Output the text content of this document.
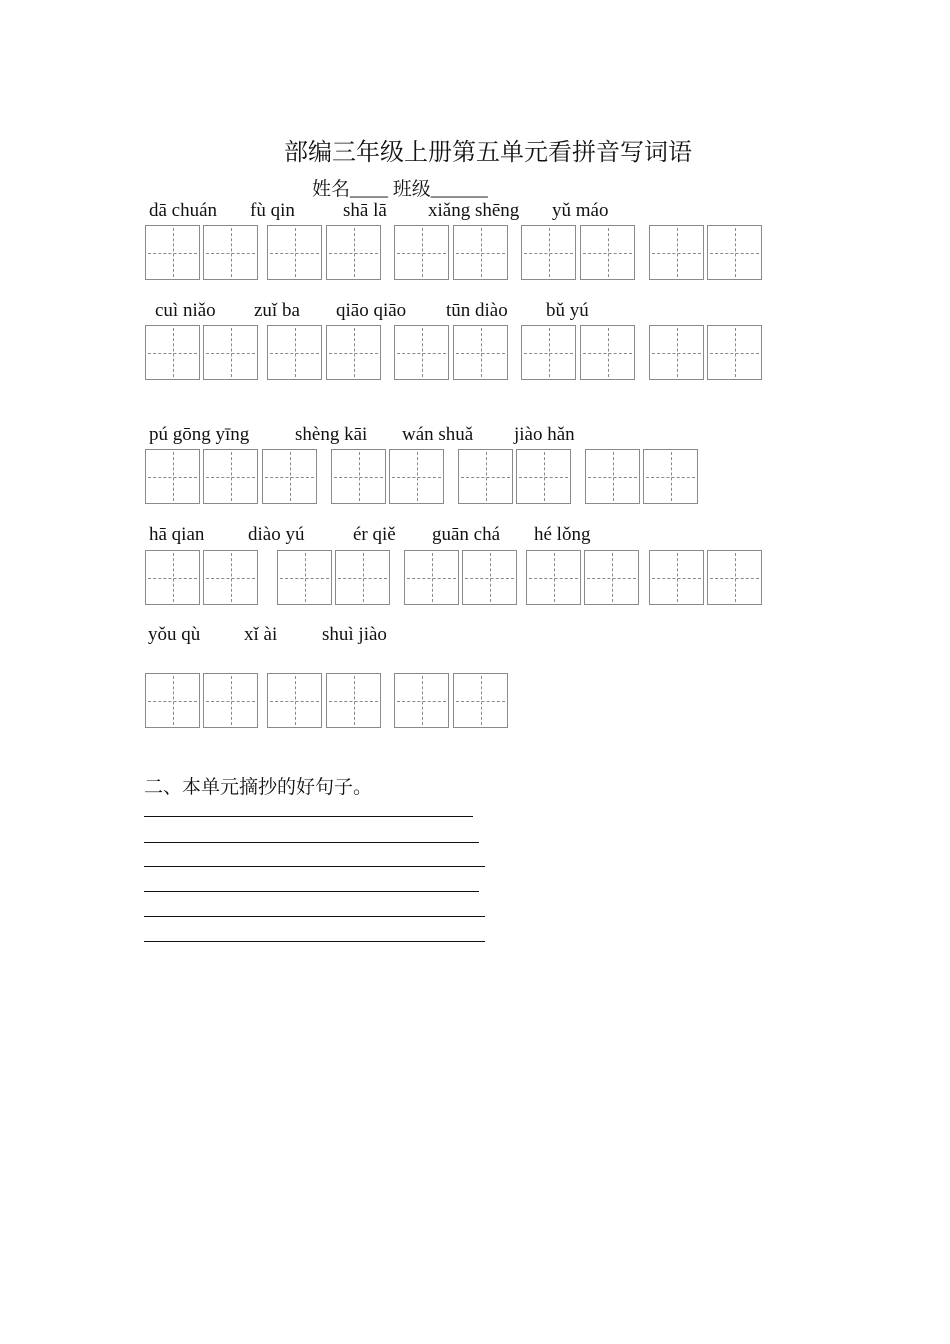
部编三年级上册第五单元看拼音写词语
姓名____ 班级______
dā chuán fù qin	shā lā xiǎng shēng yǔ máo
cuì niǎo zuǐ ba qiāo qiāo tūn diào bǔ yú
pú gōng yīng shèng kāi wán shuǎ jiào hǎn
hā qian diào yú	ér qiě guān chá hé lǒng
yǒu qù xǐ ài shuì jiào
二、本单元摘抄的好句子。
